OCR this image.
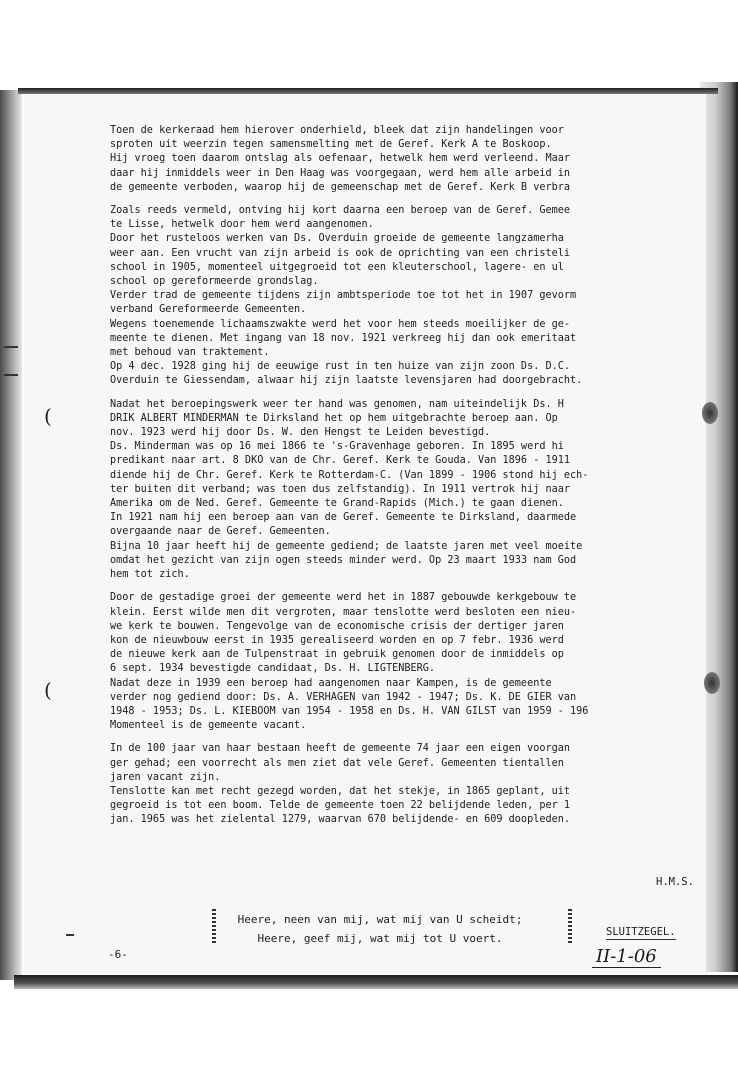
(
(

Toen de kerkeraad hem hierover onderhield, bleek dat zijn handelingen voor
sproten uit weerzin tegen samensmelting met de Geref. Kerk A te Boskoop.
Hij vroeg toen daarom ontslag als oefenaar, hetwelk hem werd verleend. Maar
daar hij inmiddels weer in Den Haag was voorgegaan, werd hem alle arbeid in
de gemeente verboden, waarop hij de gemeenschap met de Geref. Kerk B verbra

Zoals reeds vermeld, ontving hij kort daarna een beroep van de Geref. Gemee
te Lisse, hetwelk door hem werd aangenomen.
Door het rusteloos werken van Ds. Overduin groeide de gemeente langzamerha
weer aan. Een vrucht van zijn arbeid is ook de oprichting van een christeli
school in 1905, momenteel uitgegroeid tot een kleuterschool, lagere- en ul
school op gereformeerde grondslag.
Verder trad de gemeente tijdens zijn ambtsperiode toe tot het in 1907 gevorm
verband Gereformeerde Gemeenten.
Wegens toenemende lichaamszwakte werd het voor hem steeds moeilijker de ge-
meente te dienen. Met ingang van 18 nov. 1921 verkreeg hij dan ook emeritaat
met behoud van traktement.
Op 4 dec. 1928 ging hij de eeuwige rust in ten huize van zijn zoon Ds. D.C.
Overduin te Giessendam, alwaar hij zijn laatste levensjaren had doorgebracht.

Nadat het beroepingswerk weer ter hand was genomen, nam uiteindelijk Ds. H
DRIK ALBERT MINDERMAN te Dirksland het op hem uitgebrachte beroep aan. Op
nov. 1923 werd hij door Ds. W. den Hengst te Leiden bevestigd.
Ds. Minderman was op 16 mei 1866 te 's-Gravenhage geboren. In 1895 werd hi
predikant naar art. 8 DKO van de Chr. Geref. Kerk te Gouda. Van 1896 - 1911
diende hij de Chr. Geref. Kerk te Rotterdam-C. (Van 1899 - 1906 stond hij ech-
ter buiten dit verband; was toen dus zelfstandig). In 1911 vertrok hij naar
Amerika om de Ned. Geref. Gemeente te Grand-Rapids (Mich.) te gaan dienen.
In 1921 nam hij een beroep aan van de Geref. Gemeente te Dirksland, daarmede
overgaande naar de Geref. Gemeenten.
Bijna 10 jaar heeft hij de gemeente gediend; de laatste jaren met veel moeite
omdat het gezicht van zijn ogen steeds minder werd. Op 23 maart 1933 nam God
hem tot zich.

Door de gestadige groei der gemeente werd het in 1887 gebouwde kerkgebouw te
klein. Eerst wilde men dit vergroten, maar tenslotte werd besloten een nieu-
we kerk te bouwen. Tengevolge van de economische crisis der dertiger jaren
kon de nieuwbouw eerst in 1935 gerealiseerd worden en op 7 febr. 1936 werd
de nieuwe kerk aan de Tulpenstraat in gebruik genomen door de inmiddels op
6 sept. 1934 bevestigde candidaat, Ds. H. LIGTENBERG.
Nadat deze in 1939 een beroep had aangenomen naar Kampen, is de gemeente
verder nog gediend door: Ds. A. VERHAGEN van 1942 - 1947; Ds. K. DE GIER van
1948 - 1953; Ds. L. KIEBOOM van 1954 - 1958 en Ds. H. VAN GILST van 1959 - 196
Momenteel is de gemeente vacant.

In de 100 jaar van haar bestaan heeft de gemeente 74 jaar een eigen voorgan
ger gehad; een voorrecht als men ziet dat vele Geref. Gemeenten tientallen
jaren vacant zijn.
Tenslotte kan met recht gezegd worden, dat het stekje, in 1865 geplant, uit
gegroeid is tot een boom. Telde de gemeente toen 22 belijdende leden, per 1
jan. 1965 was het zielental 1279, waarvan 670 belijdende- en 609 doopleden.

H.M.S.
Heere, neen van mij, wat mij van U scheidt;
Heere, geef mij, wat mij tot U voert.	SLUITZEGEL.
-6-	II-1-06
